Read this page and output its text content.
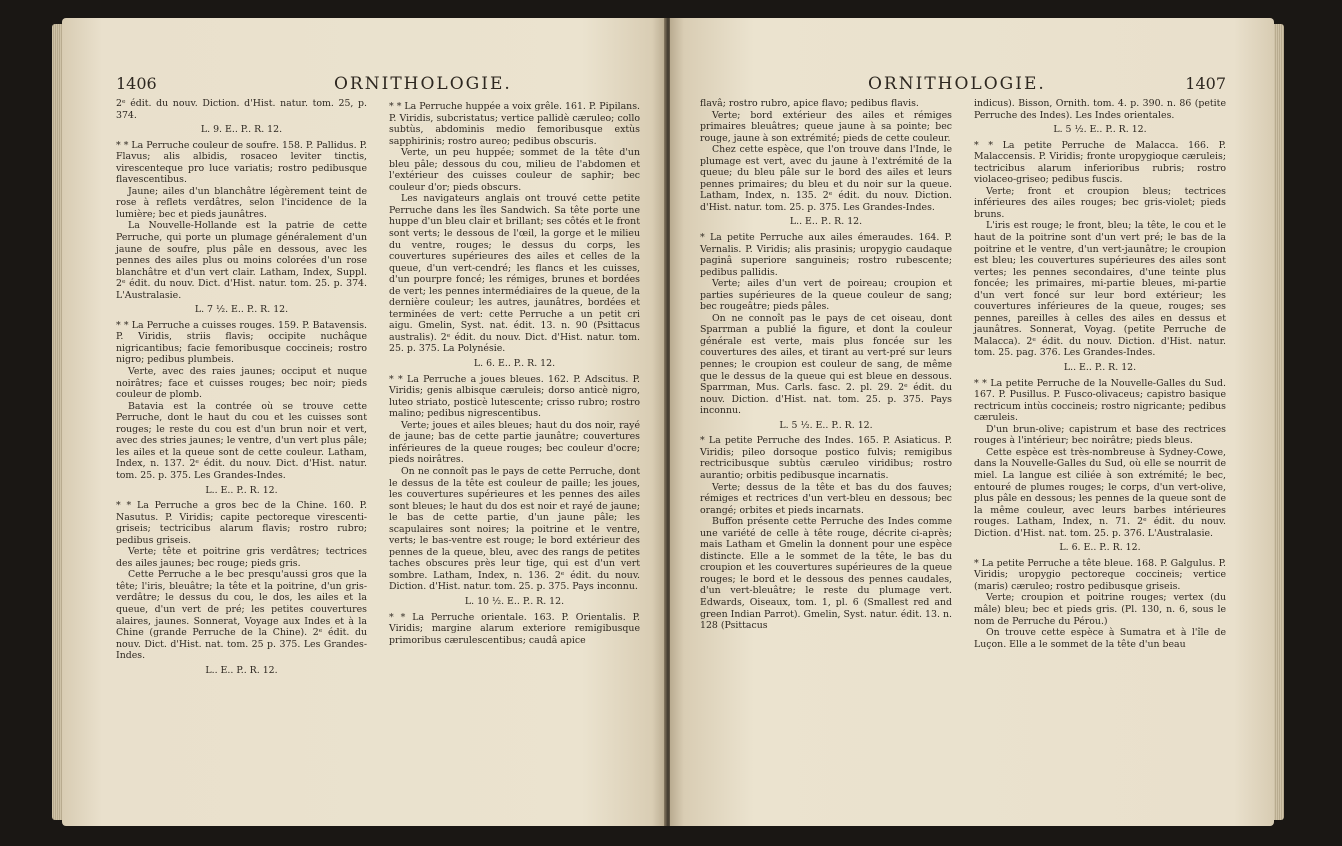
1406	ORNITHOLOGIE.

2ᵉ édit. du nouv. Diction. d'Hist. natur. tom. 25, p. 374.

L. 9. E.. P.. R. 12.

* * La Perruche couleur de soufre. 158. P. Pallidus. P. Flavus; alis albidis, rosaceo leviter tinctis, virescenteque pro luce variatis; rostro pedibusque flavescentibus.

Jaune; ailes d'un blanchâtre légèrement teint de rose à reflets verdâtres, selon l'incidence de la lumière; bec et pieds jaunâtres.

La Nouvelle-Hollande est la patrie de cette Perruche, qui porte un plumage généralement d'un jaune de soufre, plus pâle en dessous, avec les pennes des ailes plus ou moins colorées d'un rose blanchâtre et d'un vert clair. Latham, Index, Suppl. 2ᵉ édit. du nouv. Dict. d'Hist. natur. tom. 25. p. 374. L'Australasie.

L. 7 ½. E.. P.. R. 12.

* * La Perruche a cuisses rouges. 159. P. Batavensis. P. Viridis, striis flavis; occipite nuchâque nigricantibus; facie femoribusque coccineis; rostro nigro; pedibus plumbeis.

Verte, avec des raies jaunes; occiput et nuque noirâtres; face et cuisses rouges; bec noir; pieds couleur de plomb.

Batavia est la contrée où se trouve cette Perruche, dont le haut du cou et les cuisses sont rouges; le reste du cou est d'un brun noir et vert, avec des stries jaunes; le ventre, d'un vert plus pâle; les ailes et la queue sont de cette couleur. Latham, Index, n. 137. 2ᵉ édit. du nouv. Dict. d'Hist. natur. tom. 25. p. 375. Les Grandes-Indes.

L.. E.. P.. R. 12.

* * La Perruche a gros bec de la Chine. 160. P. Nasutus. P. Viridis; capite pectoreque virescenti-griseis; tectricibus alarum flavis; rostro rubro; pedibus griseis.

Verte; tête et poitrine gris verdâtres; tectrices des ailes jaunes; bec rouge; pieds gris.

Cette Perruche a le bec presqu'aussi gros que la tête; l'iris, bleuâtre; la tête et la poitrine, d'un gris-verdâtre; le dessus du cou, le dos, les ailes et la queue, d'un vert de pré; les petites couvertures alaires, jaunes. Sonnerat, Voyage aux Indes et à la Chine (grande Perruche de la Chine). 2ᵉ édit. du nouv. Dict. d'Hist. nat. tom. 25 p. 375. Les Grandes-Indes.

L.. E.. P.. R. 12.

* * La Perruche huppée a voix grêle. 161. P. Pipilans. P. Viridis, subcristatus; vertice pallidè cæruleo; collo subtùs, abdominis medio femoribusque extùs sapphirinis; rostro aureo; pedibus obscuris.

Verte, un peu huppée; sommet de la tête d'un bleu pâle; dessous du cou, milieu de l'abdomen et l'extérieur des cuisses couleur de saphir; bec couleur d'or; pieds obscurs.

Les navigateurs anglais ont trouvé cette petite Perruche dans les îles Sandwich. Sa tête porte une huppe d'un bleu clair et brillant; ses côtés et le front sont verts; le dessous de l'œil, la gorge et le milieu du ventre, rouges; le dessus du corps, les couvertures supérieures des ailes et celles de la queue, d'un vert-cendré; les flancs et les cuisses, d'un pourpre foncé; les rémiges, brunes et bordées de vert; les pennes intermédiaires de la queue, de la dernière couleur; les autres, jaunâtres, bordées et terminées de vert: cette Perruche a un petit cri aigu. Gmelin, Syst. nat. édit. 13. n. 90 (Psittacus australis). 2ᵉ édit. du nouv. Dict. d'Hist. natur. tom. 25. p. 375. La Polynésie.

L. 6. E.. P.. R. 12.

* * La Perruche a joues bleues. 162. P. Adscitus. P. Viridis; genis albisque cæruleis; dorso anticè nigro, luteo striato, posticè lutescente; crisso rubro; rostro malino; pedibus nigrescentibus.

Verte; joues et ailes bleues; haut du dos noir, rayé de jaune; bas de cette partie jaunâtre; couvertures inférieures de la queue rouges; bec couleur d'ocre; pieds noirâtres.

On ne connoît pas le pays de cette Perruche, dont le dessus de la tête est couleur de paille; les joues, les couvertures supérieures et les pennes des ailes sont bleues; le haut du dos est noir et rayé de jaune; le bas de cette partie, d'un jaune pâle; les scapulaires sont noires; la poitrine et le ventre, verts; le bas-ventre est rouge; le bord extérieur des pennes de la queue, bleu, avec des rangs de petites taches obscures près leur tige, qui est d'un vert sombre. Latham, Index, n. 136. 2ᵉ édit. du nouv. Diction. d'Hist. natur. tom. 25. p. 375. Pays inconnu.

L. 10 ½. E.. P.. R. 12.

* * La Perruche orientale. 163. P. Orientalis. P. Viridis; margine alarum exteriore remigibusque primoribus cærulescentibus; caudâ apice

ORNITHOLOGIE.	1407

flavâ; rostro rubro, apice flavo; pedibus flavis.

Verte; bord extérieur des ailes et rémiges primaires bleuâtres; queue jaune à sa pointe; bec rouge, jaune à son extrémité; pieds de cette couleur.

Chez cette espèce, que l'on trouve dans l'Inde, le plumage est vert, avec du jaune à l'extrémité de la queue; du bleu pâle sur le bord des ailes et leurs pennes primaires; du bleu et du noir sur la queue. Latham, Index, n. 135. 2ᵉ édit. du nouv. Diction. d'Hist. natur. tom. 25. p. 375. Les Grandes-Indes.

L.. E.. P.. R. 12.

* La petite Perruche aux ailes émeraudes. 164. P. Vernalis. P. Viridis; alis prasinis; uropygio caudaque paginâ superiore sanguineis; rostro rubescente; pedibus pallidis.

Verte; ailes d'un vert de poireau; croupion et parties supérieures de la queue couleur de sang; bec rougeâtre; pieds pâles.

On ne connoît pas le pays de cet oiseau, dont Sparrman a publié la figure, et dont la couleur générale est verte, mais plus foncée sur les couvertures des ailes, et tirant au vert-pré sur leurs pennes; le croupion est couleur de sang, de même que le dessus de la queue qui est bleue en dessous. Sparrman, Mus. Carls. fasc. 2. pl. 29. 2ᵉ édit. du nouv. Diction. d'Hist. nat. tom. 25. p. 375. Pays inconnu.

L. 5 ½. E.. P.. R. 12.

* La petite Perruche des Indes. 165. P. Asiaticus. P. Viridis; pileo dorsoque postico fulvis; remigibus rectricibusque subtùs cæruleo viridibus; rostro aurantio; orbitis pedibusque incarnatis.

Verte; dessus de la tête et bas du dos fauves; rémiges et rectrices d'un vert-bleu en dessous; bec orangé; orbites et pieds incarnats.

Buffon présente cette Perruche des Indes comme une variété de celle à tête rouge, décrite ci-après; mais Latham et Gmelin la donnent pour une espèce distincte. Elle a le sommet de la tête, le bas du croupion et les couvertures supérieures de la queue rouges; le bord et le dessous des pennes caudales, d'un vert-bleuâtre; le reste du plumage vert. Edwards, Oiseaux, tom. 1, pl. 6 (Smallest red and green Indian Parrot). Gmelin, Syst. natur. édit. 13. n. 128 (Psittacus

indicus). Bisson, Ornith. tom. 4. p. 390. n. 86 (petite Perruche des Indes). Les Indes orientales.

L. 5 ½. E.. P.. R. 12.

* * La petite Perruche de Malacca. 166. P. Malaccensis. P. Viridis; fronte uropygioque cæruleis; tectricibus alarum inferioribus rubris; rostro violaceo-griseo; pedibus fuscis.

Verte; front et croupion bleus; tectrices inférieures des ailes rouges; bec gris-violet; pieds bruns.

L'iris est rouge; le front, bleu; la tête, le cou et le haut de la poitrine sont d'un vert pré; le bas de la poitrine et le ventre, d'un vert-jaunâtre; le croupion est bleu; les couvertures supérieures des ailes sont vertes; les pennes secondaires, d'une teinte plus foncée; les primaires, mi-partie bleues, mi-partie d'un vert foncé sur leur bord extérieur; les couvertures inférieures de la queue, rouges; ses pennes, pareilles à celles des ailes en dessus et jaunâtres. Sonnerat, Voyag. (petite Perruche de Malacca). 2ᵉ édit. du nouv. Diction. d'Hist. natur. tom. 25. pag. 376. Les Grandes-Indes.

L.. E.. P.. R. 12.

* * La petite Perruche de la Nouvelle-Galles du Sud. 167. P. Pusillus. P. Fusco-olivaceus; capistro basique rectricum intùs coccineis; rostro nigricante; pedibus cæruleis.

D'un brun-olive; capistrum et base des rectrices rouges à l'intérieur; bec noirâtre; pieds bleus.

Cette espèce est très-nombreuse à Sydney-Cowe, dans la Nouvelle-Galles du Sud, où elle se nourrit de miel. La langue est ciliée à son extrémité; le bec, entouré de plumes rouges; le corps, d'un vert-olive, plus pâle en dessous; les pennes de la queue sont de la même couleur, avec leurs barbes intérieures rouges. Latham, Index, n. 71. 2ᵉ édit. du nouv. Diction. d'Hist. nat. tom. 25. p. 376. L'Australasie.

L. 6. E.. P.. R. 12.

* La petite Perruche a tête bleue. 168. P. Galgulus. P. Viridis; uropygio pectoreque coccineis; vertice (maris) cæruleo; rostro pedibusque griseis.

Verte; croupion et poitrine rouges; vertex (du mâle) bleu; bec et pieds gris. (Pl. 130, n. 6, sous le nom de Perruche du Pérou.)

On trouve cette espèce à Sumatra et à l'île de Luçon. Elle a le sommet de la tête d'un beau
